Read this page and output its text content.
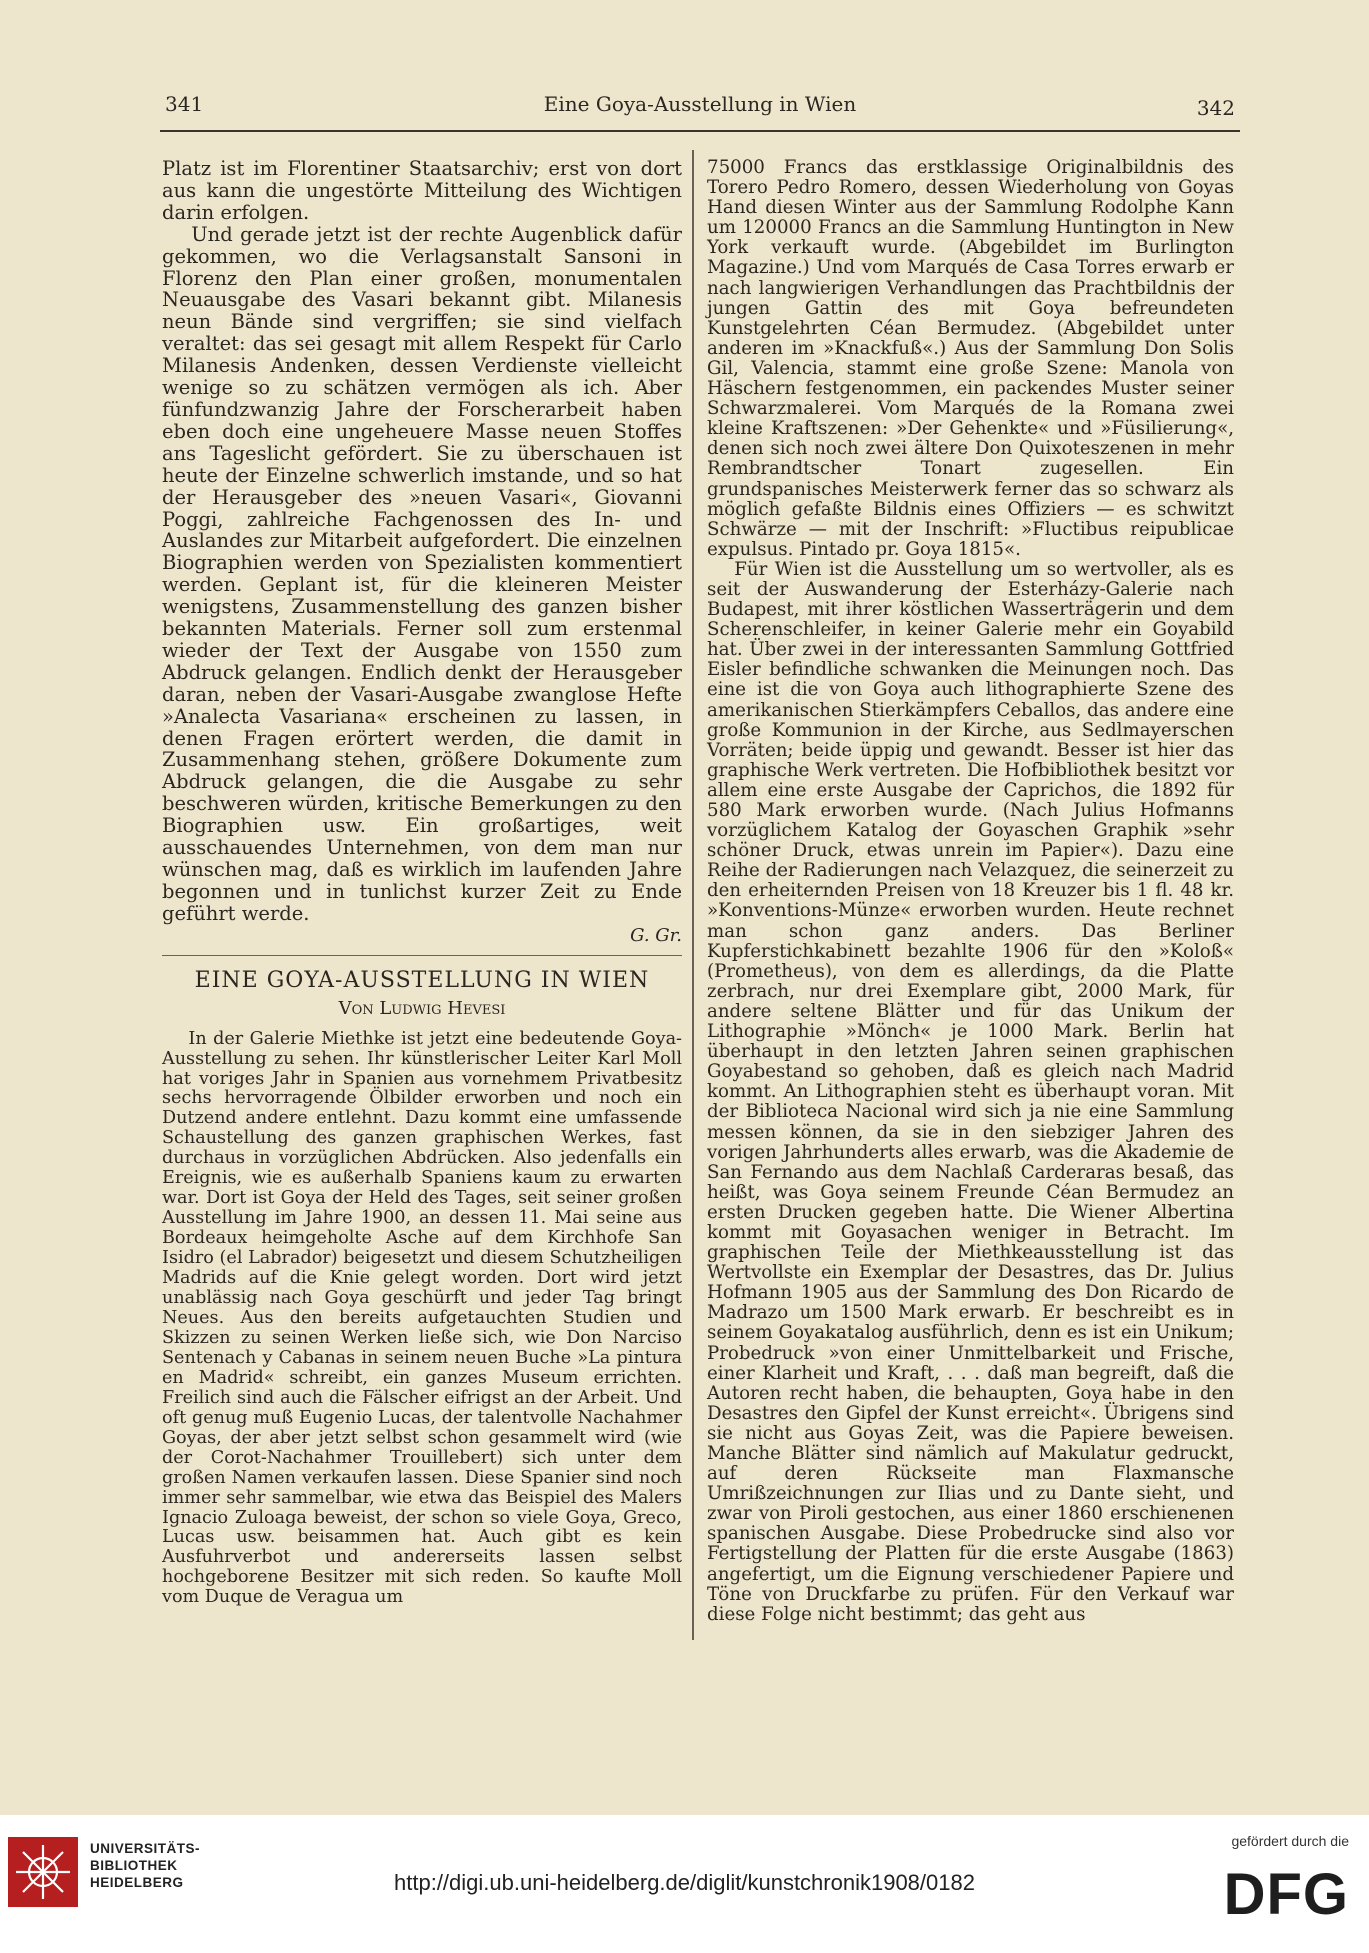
341	Eine Goya-Ausstellung in Wien	342

Platz ist im Florentiner Staatsarchiv; erst von dort aus kann die ungestörte Mitteilung des Wichtigen darin erfolgen.

Und gerade jetzt ist der rechte Augenblick dafür gekommen, wo die Verlagsanstalt Sansoni in Florenz den Plan einer großen, monumentalen Neuausgabe des Vasari bekannt gibt. Milanesis neun Bände sind vergriffen; sie sind vielfach veraltet: das sei gesagt mit allem Respekt für Carlo Milanesis Andenken, dessen Verdienste vielleicht wenige so zu schätzen vermögen als ich. Aber fünfundzwanzig Jahre der Forscherarbeit haben eben doch eine ungeheuere Masse neuen Stoffes ans Tageslicht gefördert. Sie zu überschauen ist heute der Einzelne schwerlich imstande, und so hat der Herausgeber des »neuen Vasari«, Giovanni Poggi, zahlreiche Fachgenossen des In- und Auslandes zur Mitarbeit aufgefordert. Die einzelnen Biographien werden von Spezialisten kommentiert werden. Geplant ist, für die kleineren Meister wenigstens, Zusammenstellung des ganzen bisher bekannten Materials. Ferner soll zum erstenmal wieder der Text der Ausgabe von 1550 zum Abdruck gelangen. Endlich denkt der Herausgeber daran, neben der Vasari-Ausgabe zwanglose Hefte »Analecta Vasariana« erscheinen zu lassen, in denen Fragen erörtert werden, die damit in Zusammenhang stehen, größere Dokumente zum Abdruck gelangen, die die Ausgabe zu sehr beschweren würden, kritische Bemerkungen zu den Biographien usw. Ein großartiges, weit ausschauendes Unternehmen, von dem man nur wünschen mag, daß es wirklich im laufenden Jahre begonnen und in tunlichst kurzer Zeit zu Ende geführt werde.

G. Gr.

EINE GOYA-AUSSTELLUNG IN WIEN
Von Ludwig Hevesi

In der Galerie Miethke ist jetzt eine bedeutende Goya-Ausstellung zu sehen. Ihr künstlerischer Leiter Karl Moll hat voriges Jahr in Spanien aus vornehmem Privatbesitz sechs hervorragende Ölbilder erworben und noch ein Dutzend andere entlehnt. Dazu kommt eine umfassende Schaustellung des ganzen graphischen Werkes, fast durchaus in vorzüglichen Abdrücken. Also jedenfalls ein Ereignis, wie es außerhalb Spaniens kaum zu erwarten war. Dort ist Goya der Held des Tages, seit seiner großen Ausstellung im Jahre 1900, an dessen 11. Mai seine aus Bordeaux heimgeholte Asche auf dem Kirchhofe San Isidro (el Labrador) beigesetzt und diesem Schutzheiligen Madrids auf die Knie gelegt worden. Dort wird jetzt unablässig nach Goya geschürft und jeder Tag bringt Neues. Aus den bereits aufgetauchten Studien und Skizzen zu seinen Werken ließe sich, wie Don Narciso Sentenach y Cabanas in seinem neuen Buche »La pintura en Madrid« schreibt, ein ganzes Museum errichten. Freilich sind auch die Fälscher eifrigst an der Arbeit. Und oft genug muß Eugenio Lucas, der talentvolle Nachahmer Goyas, der aber jetzt selbst schon gesammelt wird (wie der Corot-Nachahmer Trouillebert) sich unter dem großen Namen verkaufen lassen. Diese Spanier sind noch immer sehr sammelbar, wie etwa das Beispiel des Malers Ignacio Zuloaga beweist, der schon so viele Goya, Greco, Lucas usw. beisammen hat. Auch gibt es kein Ausfuhrverbot und andererseits lassen selbst hochgeborene Besitzer mit sich reden. So kaufte Moll vom Duque de Veragua um

75000 Francs das erstklassige Originalbildnis des Torero Pedro Romero, dessen Wiederholung von Goyas Hand diesen Winter aus der Sammlung Rodolphe Kann um 120000 Francs an die Sammlung Huntington in New York verkauft wurde. (Abgebildet im Burlington Magazine.) Und vom Marqués de Casa Torres erwarb er nach langwierigen Verhandlungen das Prachtbildnis der jungen Gattin des mit Goya befreundeten Kunstgelehrten Céan Bermudez. (Abgebildet unter anderen im »Knackfuß«.) Aus der Sammlung Don Solis Gil, Valencia, stammt eine große Szene: Manola von Häschern festgenommen, ein packendes Muster seiner Schwarzmalerei. Vom Marqués de la Romana zwei kleine Kraftszenen: »Der Gehenkte« und »Füsilierung«, denen sich noch zwei ältere Don Quixoteszenen in mehr Rembrandtscher Tonart zugesellen. Ein grundspanisches Meisterwerk ferner das so schwarz als möglich gefaßte Bildnis eines Offiziers — es schwitzt Schwärze — mit der Inschrift: »Fluctibus reipublicae expulsus. Pintado pr. Goya 1815«.

Für Wien ist die Ausstellung um so wertvoller, als es seit der Auswanderung der Esterházy-Galerie nach Budapest, mit ihrer köstlichen Wasserträgerin und dem Scherenschleifer, in keiner Galerie mehr ein Goyabild hat. Über zwei in der interessanten Sammlung Gottfried Eisler befindliche schwanken die Meinungen noch. Das eine ist die von Goya auch lithographierte Szene des amerikanischen Stierkämpfers Ceballos, das andere eine große Kommunion in der Kirche, aus Sedlmayerschen Vorräten; beide üppig und gewandt. Besser ist hier das graphische Werk vertreten. Die Hofbibliothek besitzt vor allem eine erste Ausgabe der Caprichos, die 1892 für 580 Mark erworben wurde. (Nach Julius Hofmanns vorzüglichem Katalog der Goyaschen Graphik »sehr schöner Druck, etwas unrein im Papier«). Dazu eine Reihe der Radierungen nach Velazquez, die seinerzeit zu den erheiternden Preisen von 18 Kreuzer bis 1 fl. 48 kr. »Konventions-Münze« erworben wurden. Heute rechnet man schon ganz anders. Das Berliner Kupferstichkabinett bezahlte 1906 für den »Koloß« (Prometheus), von dem es allerdings, da die Platte zerbrach, nur drei Exemplare gibt, 2000 Mark, für andere seltene Blätter und für das Unikum der Lithographie »Mönch« je 1000 Mark. Berlin hat überhaupt in den letzten Jahren seinen graphischen Goyabestand so gehoben, daß es gleich nach Madrid kommt. An Lithographien steht es überhaupt voran. Mit der Biblioteca Nacional wird sich ja nie eine Sammlung messen können, da sie in den siebziger Jahren des vorigen Jahrhunderts alles erwarb, was die Akademie de San Fernando aus dem Nachlaß Carderaras besaß, das heißt, was Goya seinem Freunde Céan Bermudez an ersten Drucken gegeben hatte. Die Wiener Albertina kommt mit Goyasachen weniger in Betracht. Im graphischen Teile der Miethkeausstellung ist das Wertvollste ein Exemplar der Desastres, das Dr. Julius Hofmann 1905 aus der Sammlung des Don Ricardo de Madrazo um 1500 Mark erwarb. Er beschreibt es in seinem Goyakatalog ausführlich, denn es ist ein Unikum; Probedruck »von einer Unmittelbarkeit und Frische, einer Klarheit und Kraft, . . . daß man begreift, daß die Autoren recht haben, die behaupten, Goya habe in den Desastres den Gipfel der Kunst erreicht«. Übrigens sind sie nicht aus Goyas Zeit, was die Papiere beweisen. Manche Blätter sind nämlich auf Makulatur gedruckt, auf deren Rückseite man Flaxmansche Umrißzeichnungen zur Ilias und zu Dante sieht, und zwar von Piroli gestochen, aus einer 1860 erschienenen spanischen Ausgabe. Diese Probedrucke sind also vor Fertigstellung der Platten für die erste Ausgabe (1863) angefertigt, um die Eignung verschiedener Papiere und Töne von Druckfarbe zu prüfen. Für den Verkauf war diese Folge nicht bestimmt; das geht aus

UNIVERSITÄTS-
BIBLIOTHEK
HEIDELBERG	http://digi.ub.uni-heidelberg.de/diglit/kunstchronik1908/0182
gefördert durch die
DFG
